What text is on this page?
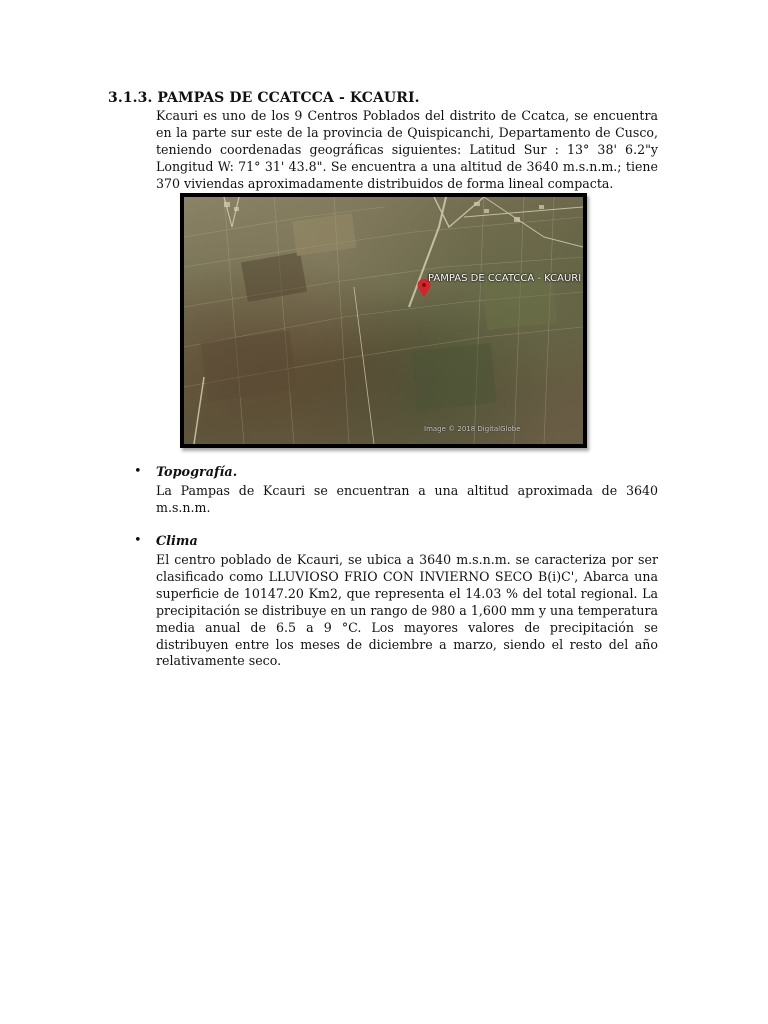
3.1.3. PAMPAS DE CCATCCA - KCAURI.

Kcauri es uno de los 9 Centros Poblados del distrito de Ccatca, se encuentra en la parte sur este de la provincia de Quispicanchi, Departamento de Cusco, teniendo coordenadas geográficas siguientes: Latitud Sur : 13° 38' 6.2"y Longitud W: 71° 31' 43.8". Se encuentra a una altitud de 3640 m.s.n.m.; tiene 370 viviendas aproximadamente distribuidos de forma lineal compacta.

PAMPAS DE CCATCCA - KCAURI
Image © 2018 DigitalGlobe
• Topografía.

La Pampas de Kcauri se encuentran a una altitud aproximada de 3640 m.s.n.m.

• Clima

El centro poblado de Kcauri, se ubica a 3640 m.s.n.m. se caracteriza por ser clasificado como LLUVIOSO FRIO CON INVIERNO SECO B(i)C', Abarca una superficie de 10147.20 Km2, que representa el 14.03 % del total regional. La precipitación se distribuye en un rango de 980 a 1,600 mm y una temperatura media anual de 6.5 a 9 °C. Los mayores valores de precipitación se distribuyen entre los meses de diciembre a marzo, siendo el resto del año relativamente seco.
